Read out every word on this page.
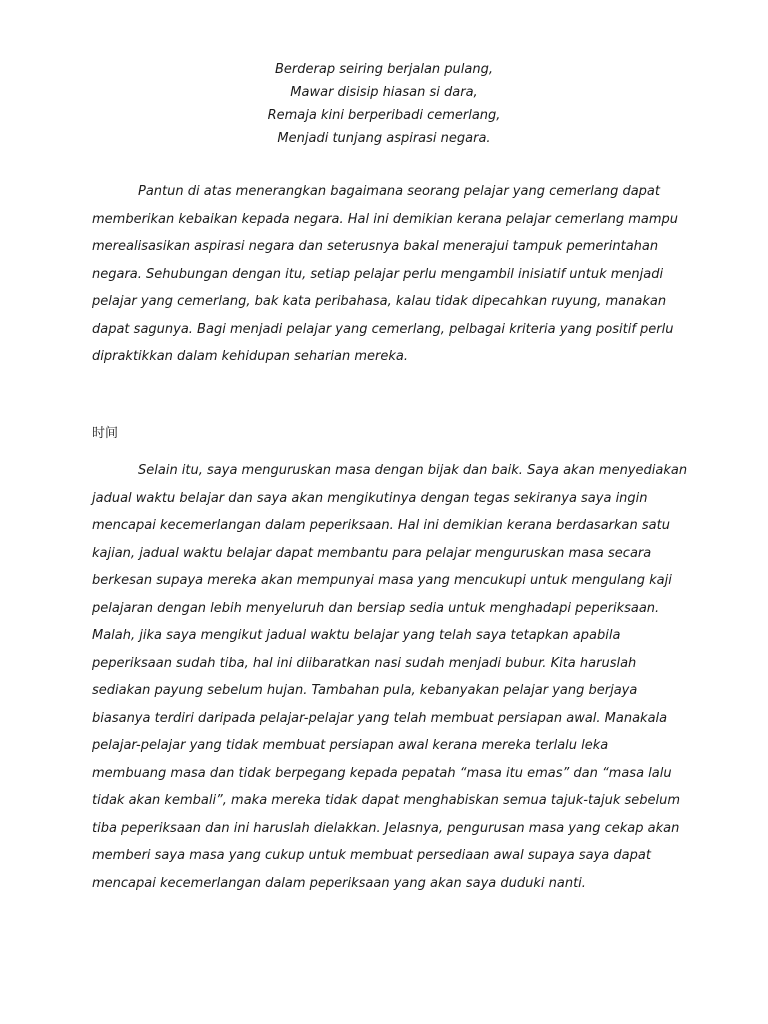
Berderap seiring berjalan pulang,
Mawar disisip hiasan si dara,
Remaja kini berperibadi cemerlang,
Menjadi tunjang aspirasi negara.
Pantun di atas menerangkan bagaimana seorang pelajar yang cemerlang dapat
memberikan kebaikan kepada negara. Hal ini demikian kerana pelajar cemerlang mampu
merealisasikan aspirasi negara dan seterusnya bakal menerajui tampuk pemerintahan
negara. Sehubungan dengan itu, setiap pelajar perlu mengambil inisiatif untuk menjadi
pelajar yang cemerlang, bak kata peribahasa, kalau tidak dipecahkan ruyung, manakan
dapat sagunya. Bagi menjadi pelajar yang cemerlang, pelbagai kriteria yang positif perlu
dipraktikkan dalam kehidupan seharian mereka.
时间
Selain itu, saya menguruskan masa dengan bijak dan baik. Saya akan menyediakan
jadual waktu belajar dan saya akan mengikutinya dengan tegas sekiranya saya ingin
mencapai kecemerlangan dalam peperiksaan. Hal ini demikian kerana berdasarkan satu
kajian, jadual waktu belajar dapat membantu para pelajar menguruskan masa secara
berkesan supaya mereka akan mempunyai masa yang mencukupi untuk mengulang kaji
pelajaran dengan lebih menyeluruh dan bersiap sedia untuk menghadapi peperiksaan.
Malah, jika saya mengikut jadual waktu belajar yang telah saya tetapkan apabila
peperiksaan sudah tiba, hal ini diibaratkan nasi sudah menjadi bubur. Kita haruslah
sediakan payung sebelum hujan. Tambahan pula, kebanyakan pelajar yang berjaya
biasanya terdiri daripada pelajar-pelajar yang telah membuat persiapan awal. Manakala
pelajar-pelajar yang tidak membuat persiapan awal kerana mereka terlalu leka
membuang masa dan tidak berpegang kepada pepatah “masa itu emas” dan “masa lalu
tidak akan kembali”, maka mereka tidak dapat menghabiskan semua tajuk-tajuk sebelum
tiba peperiksaan dan ini haruslah dielakkan. Jelasnya, pengurusan masa yang cekap akan
memberi saya masa yang cukup untuk membuat persediaan awal supaya saya dapat
mencapai kecemerlangan dalam peperiksaan yang akan saya duduki nanti.
